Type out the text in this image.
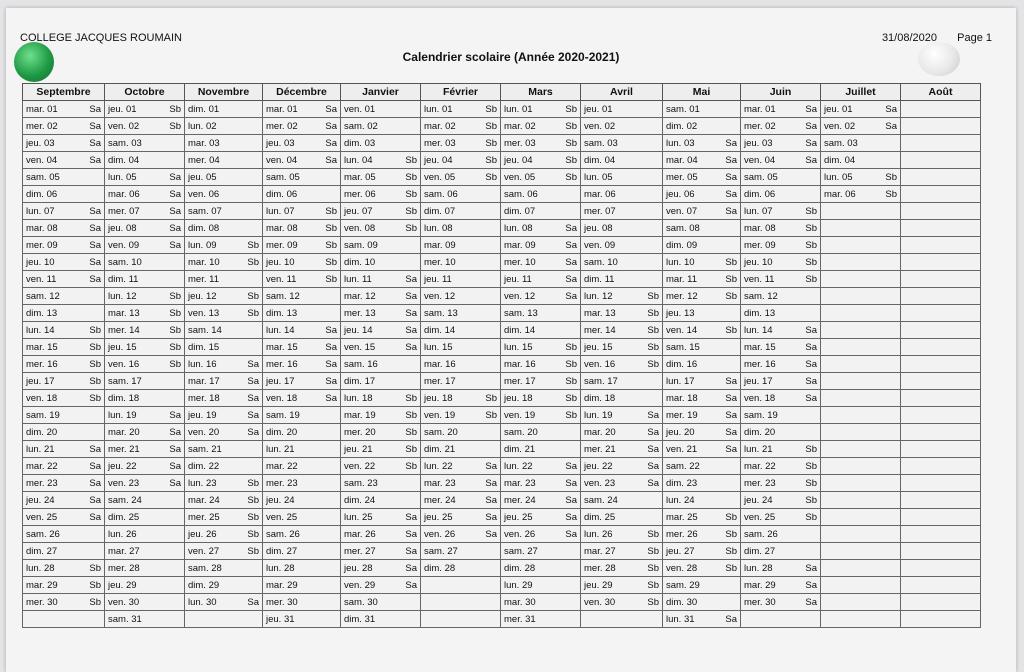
COLLEGE JACQUES ROUMAIN	31/08/2020 Page 1
Calendrier scolaire (Année 2020-2021)
Septembre	Octobre	Novembre	Décembre	Janvier	Février	Mars	Avril	Mai	Juin	Juillet	Août

mar. 01 Sa	jeu. 01 Sb	dim. 01	mar. 01 Sa	ven. 01	lun. 01 Sb	lun. 01 Sb	jeu. 01	sam. 01	mar. 01 Sa	jeu. 01 Sa	

mer. 02 Sa	ven. 02 Sb	lun. 02	mer. 02 Sa	sam. 02	mar. 02 Sb	mar. 02 Sb	ven. 02	dim. 02	mer. 02 Sa	ven. 02 Sa	

jeu. 03 Sa	sam. 03	mar. 03	jeu. 03 Sa	dim. 03	mer. 03 Sb	mer. 03 Sb	sam. 03	lun. 03 Sa	jeu. 03 Sa	sam. 03	

ven. 04 Sa	dim. 04	mer. 04	ven. 04 Sa	lun. 04 Sb	jeu. 04 Sb	jeu. 04 Sb	dim. 04	mar. 04 Sa	ven. 04 Sa	dim. 04	

sam. 05	lun. 05 Sa	jeu. 05	sam. 05	mar. 05 Sb	ven. 05 Sb	ven. 05 Sb	lun. 05	mer. 05 Sa	sam. 05	lun. 05 Sb	

dim. 06	mar. 06 Sa	ven. 06	dim. 06	mer. 06 Sb	sam. 06	sam. 06	mar. 06	jeu. 06 Sa	dim. 06	mar. 06 Sb	

lun. 07 Sa	mer. 07 Sa	sam. 07	lun. 07 Sb	jeu. 07 Sb	dim. 07	dim. 07	mer. 07	ven. 07 Sa	lun. 07 Sb		

mar. 08 Sa	jeu. 08 Sa	dim. 08	mar. 08 Sb	ven. 08 Sb	lun. 08	lun. 08 Sa	jeu. 08	sam. 08	mar. 08 Sb		

mer. 09 Sa	ven. 09 Sa	lun. 09 Sb	mer. 09 Sb	sam. 09	mar. 09	mar. 09 Sa	ven. 09	dim. 09	mer. 09 Sb		

jeu. 10 Sa	sam. 10	mar. 10 Sb	jeu. 10 Sb	dim. 10	mer. 10	mer. 10 Sa	sam. 10	lun. 10 Sb	jeu. 10 Sb		

ven. 11 Sa	dim. 11	mer. 11	ven. 11 Sb	lun. 11 Sa	jeu. 11	jeu. 11 Sa	dim. 11	mar. 11 Sb	ven. 11 Sb		

sam. 12	lun. 12 Sb	jeu. 12 Sb	sam. 12	mar. 12 Sa	ven. 12	ven. 12 Sa	lun. 12 Sb	mer. 12 Sb	sam. 12		

dim. 13	mar. 13 Sb	ven. 13 Sb	dim. 13	mer. 13 Sa	sam. 13	sam. 13	mar. 13 Sb	jeu. 13	dim. 13		

lun. 14 Sb	mer. 14 Sb	sam. 14	lun. 14 Sa	jeu. 14 Sa	dim. 14	dim. 14	mer. 14 Sb	ven. 14 Sb	lun. 14 Sa		

mar. 15 Sb	jeu. 15 Sb	dim. 15	mar. 15 Sa	ven. 15 Sa	lun. 15	lun. 15 Sb	jeu. 15 Sb	sam. 15	mar. 15 Sa		

mer. 16 Sb	ven. 16 Sb	lun. 16 Sa	mer. 16 Sa	sam. 16	mar. 16	mar. 16 Sb	ven. 16 Sb	dim. 16	mer. 16 Sa		

jeu. 17 Sb	sam. 17	mar. 17 Sa	jeu. 17 Sa	dim. 17	mer. 17	mer. 17 Sb	sam. 17	lun. 17 Sa	jeu. 17 Sa		

ven. 18 Sb	dim. 18	mer. 18 Sa	ven. 18 Sa	lun. 18 Sb	jeu. 18 Sb	jeu. 18 Sb	dim. 18	mar. 18 Sa	ven. 18 Sa		

sam. 19	lun. 19 Sa	jeu. 19 Sa	sam. 19	mar. 19 Sb	ven. 19 Sb	ven. 19 Sb	lun. 19 Sa	mer. 19 Sa	sam. 19		

dim. 20	mar. 20 Sa	ven. 20 Sa	dim. 20	mer. 20 Sb	sam. 20	sam. 20	mar. 20 Sa	jeu. 20 Sa	dim. 20		

lun. 21 Sa	mer. 21 Sa	sam. 21	lun. 21	jeu. 21 Sb	dim. 21	dim. 21	mer. 21 Sa	ven. 21 Sa	lun. 21 Sb		

mar. 22 Sa	jeu. 22 Sa	dim. 22	mar. 22	ven. 22 Sb	lun. 22 Sa	lun. 22 Sa	jeu. 22 Sa	sam. 22	mar. 22 Sb		

mer. 23 Sa	ven. 23 Sa	lun. 23 Sb	mer. 23	sam. 23	mar. 23 Sa	mar. 23 Sa	ven. 23 Sa	dim. 23	mer. 23 Sb		

jeu. 24 Sa	sam. 24	mar. 24 Sb	jeu. 24	dim. 24	mer. 24 Sa	mer. 24 Sa	sam. 24	lun. 24	jeu. 24 Sb		

ven. 25 Sa	dim. 25	mer. 25 Sb	ven. 25	lun. 25 Sa	jeu. 25 Sa	jeu. 25 Sa	dim. 25	mar. 25 Sb	ven. 25 Sb		

sam. 26	lun. 26	jeu. 26 Sb	sam. 26	mar. 26 Sa	ven. 26 Sa	ven. 26 Sa	lun. 26 Sb	mer. 26 Sb	sam. 26		

dim. 27	mar. 27	ven. 27 Sb	dim. 27	mer. 27 Sa	sam. 27	sam. 27	mar. 27 Sb	jeu. 27 Sb	dim. 27		

lun. 28 Sb	mer. 28	sam. 28	lun. 28	jeu. 28 Sa	dim. 28	dim. 28	mer. 28 Sb	ven. 28 Sb	lun. 28 Sa		

mar. 29 Sb	jeu. 29	dim. 29	mar. 29	ven. 29 Sa		lun. 29	jeu. 29 Sb	sam. 29	mar. 29 Sa		

mer. 30 Sb	ven. 30	lun. 30 Sa	mer. 30	sam. 30		mar. 30	ven. 30 Sb	dim. 30	mer. 30 Sa		

	sam. 31		jeu. 31	dim. 31		mer. 31		lun. 31 Sa			
